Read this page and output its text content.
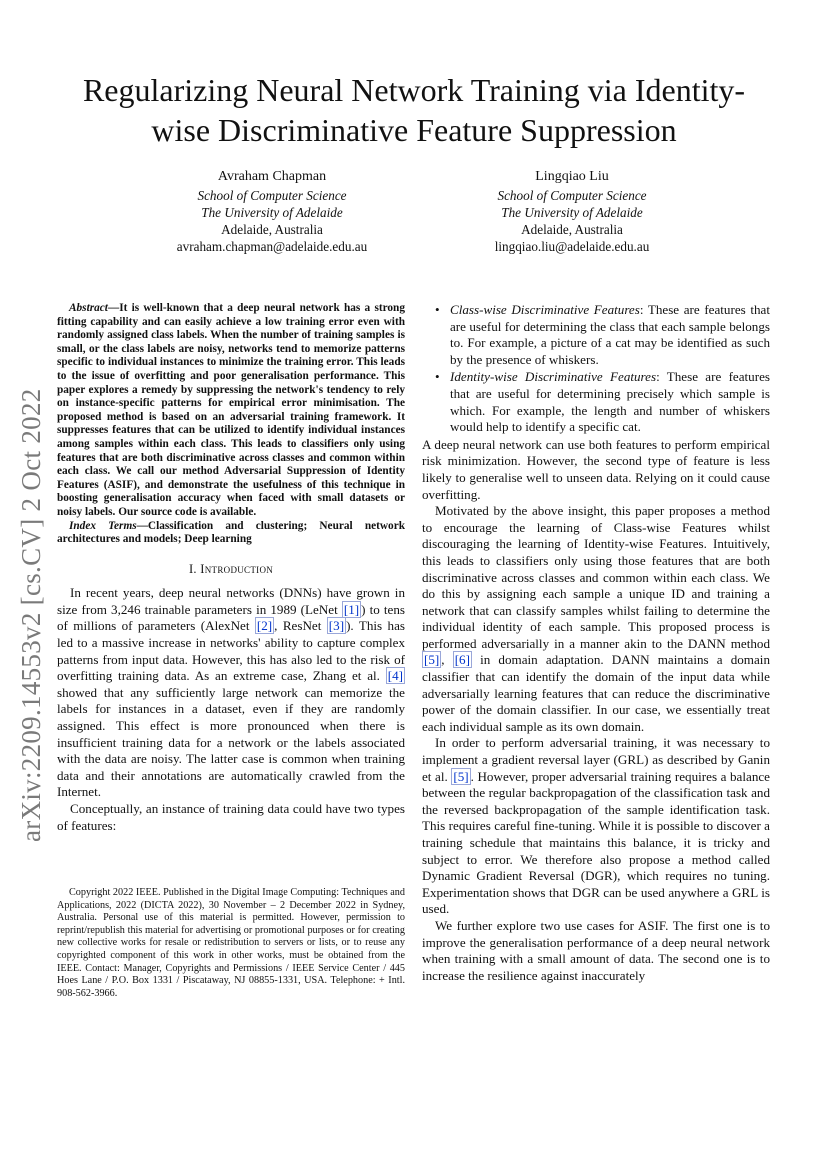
arXiv:2209.14553v2 [cs.CV] 2 Oct 2022
Regularizing Neural Network Training via Identity-wise Discriminative Feature Suppression
Avraham Chapman
School of Computer Science
The University of Adelaide
Adelaide, Australia
avraham.chapman@adelaide.edu.au
Lingqiao Liu
School of Computer Science
The University of Adelaide
Adelaide, Australia
lingqiao.liu@adelaide.edu.au

Abstract—It is well-known that a deep neural network has a strong fitting capability and can easily achieve a low training error even with randomly assigned class labels. When the number of training samples is small, or the class labels are noisy, networks tend to memorize patterns specific to individual instances to minimize the training error. This leads to the issue of overfitting and poor generalisation performance. This paper explores a remedy by suppressing the network's tendency to rely on instance-specific patterns for empirical error minimisation. The proposed method is based on an adversarial training framework. It suppresses features that can be utilized to identify individual instances among samples within each class. This leads to classifiers only using features that are both discriminative across classes and common within each class. We call our method Adversarial Suppression of Identity Features (ASIF), and demonstrate the usefulness of this technique in boosting generalisation accuracy when faced with small datasets or noisy labels. Our source code is available.

Index Terms—Classification and clustering; Neural network architectures and models; Deep learning

I. Introduction

In recent years, deep neural networks (DNNs) have grown in size from 3,246 trainable parameters in 1989 (LeNet [1] ) to tens of millions of parameters (AlexNet [2] , ResNet [3] ). This has led to a massive increase in networks' ability to capture complex patterns from input data. However, this has also led to the risk of overfitting training data. As an extreme case, Zhang et al. [4] showed that any sufficiently large network can memorize the labels for instances in a dataset, even if they are randomly assigned. This effect is more pronounced when there is insufficient training data for a network or the labels associated with the data are noisy. The latter case is common when training data and their annotations are automatically crawled from the Internet.

Conceptually, an instance of training data could have two types of features:

Copyright 2022 IEEE. Published in the Digital Image Computing: Techniques and Applications, 2022 (DICTA 2022), 30 November – 2 December 2022 in Sydney, Australia. Personal use of this material is permitted. However, permission to reprint/republish this material for advertising or promotional purposes or for creating new collective works for resale or redistribution to servers or lists, or to reuse any copyrighted component of this work in other works, must be obtained from the IEEE. Contact: Manager, Copyrights and Permissions / IEEE Service Center / 445 Hoes Lane / P.O. Box 1331 / Piscataway, NJ 08855-1331, USA. Telephone: + Intl. 908-562-3966.

• Class-wise Discriminative Features: These are features that are useful for determining the class that each sample belongs to. For example, a picture of a cat may be identified as such by the presence of whiskers.
• Identity-wise Discriminative Features: These are features that are useful for determining precisely which sample is which. For example, the length and number of whiskers would help to identify a specific cat.

A deep neural network can use both features to perform empirical risk minimization. However, the second type of feature is less likely to generalise well to unseen data. Relying on it could cause overfitting.

Motivated by the above insight, this paper proposes a method to encourage the learning of Class-wise Features whilst discouraging the learning of Identity-wise Features. Intuitively, this leads to classifiers only using those features that are both discriminative across classes and common within each class. We do this by assigning each sample a unique ID and training a network that can classify samples whilst failing to determine the individual identity of each sample. This proposed process is performed adversarially in a manner akin to the DANN method [5] , [6] in domain adaptation. DANN maintains a domain classifier that can identify the domain of the input data while adversarially learning features that can reduce the discriminative power of the domain classifier. In our case, we essentially treat each individual sample as its own domain.

In order to perform adversarial training, it was necessary to implement a gradient reversal layer (GRL) as described by Ganin et al. [5] . However, proper adversarial training requires a balance between the regular backpropagation of the classification task and the reversed backpropagation of the sample identification task. This requires careful fine-tuning. While it is possible to discover a training schedule that maintains this balance, it is tricky and subject to error. We therefore also propose a method called Dynamic Gradient Reversal (DGR), which requires no tuning. Experimentation shows that DGR can be used anywhere a GRL is used.

We further explore two use cases for ASIF. The first one is to improve the generalisation performance of a deep neural network when training with a small amount of data. The second one is to increase the resilience against inaccurately
